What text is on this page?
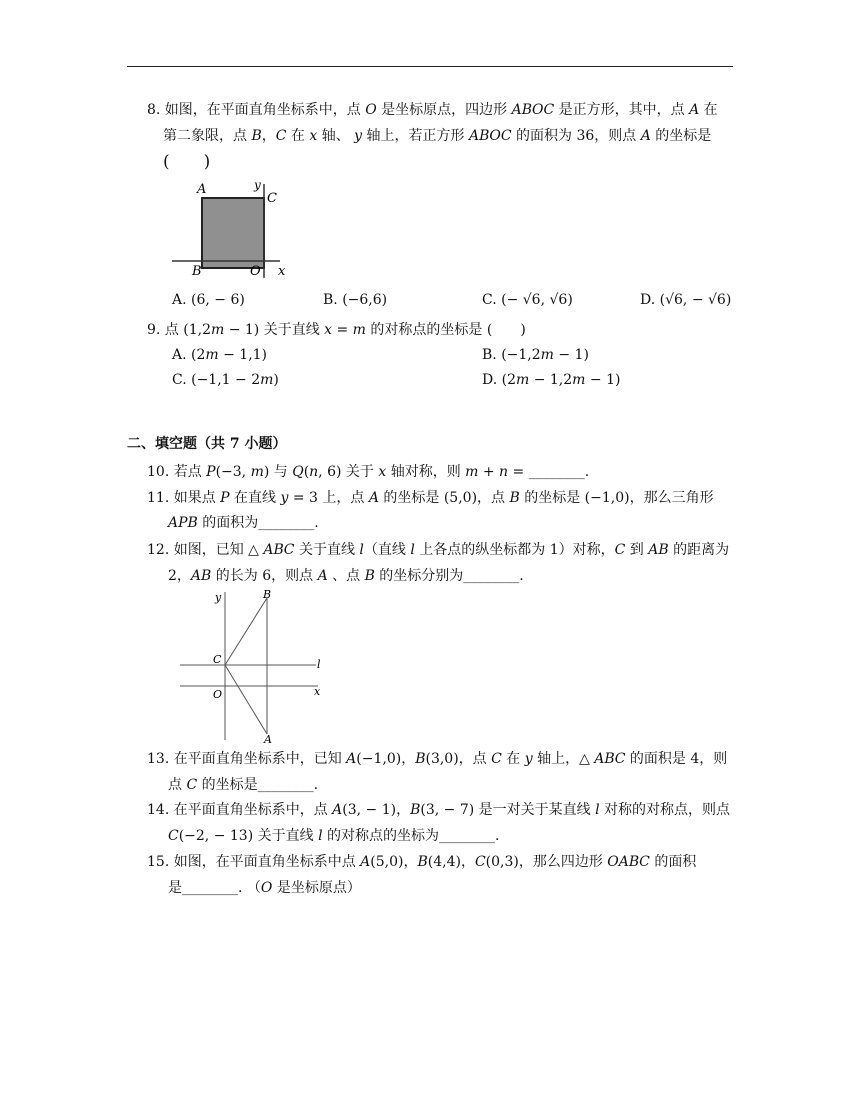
8. 如图，在平面直角坐标系中，点 𝑂 是坐标原点，四边形 𝐴𝐵𝑂𝐶 是正方形，其中，点 𝐴 在
第二象限，点 𝐵，𝐶 在 𝑥 轴、 𝑦 轴上，若正方形 𝐴𝐵𝑂𝐶 的面积为 36，则点 𝐴 的坐标是
(　　)
A	y
C
B	O x
A. (6, − 6)	B. (−6,6)	C. (− √6, √6)	D. (√6, − √6)
9. 点 (1,2𝑚 − 1) 关于直线 𝑥 = 𝑚 的对称点的坐标是 (　　)
A. (2𝑚 − 1,1)	B. (−1,2𝑚 − 1)
C. (−1,1 − 2𝑚)	D. (2𝑚 − 1,2𝑚 − 1)
二、填空题（共 7 小题）
10. 若点 𝑃(−3, 𝑚) 与 𝑄(𝑛, 6) 关于 𝑥 轴对称，则 𝑚 + 𝑛 = ________.
11. 如果点 𝑃 在直线 𝑦 = 3 上，点 𝐴 的坐标是 (5,0)，点 𝐵 的坐标是 (−1,0)，那么三角形
𝐴𝑃𝐵 的面积为________.
12. 如图，已知 △ 𝐴𝐵𝐶 关于直线 𝑙（直线 𝑙 上各点的纵坐标都为 1）对称，𝐶 到 𝐴𝐵 的距离为
2，𝐴𝐵 的长为 6，则点 𝐴 、点 𝐵 的坐标分别为________.
y	B
C	l
O	x
A
13. 在平面直角坐标系中，已知 𝐴(−1,0)，𝐵(3,0)，点 𝐶 在 𝑦 轴上，△ 𝐴𝐵𝐶 的面积是 4，则
点 𝐶 的坐标是________.
14. 在平面直角坐标系中，点 𝐴(3, − 1)，𝐵(3, − 7) 是一对关于某直线 𝑙 对称的对称点，则点
𝐶(−2, − 13) 关于直线 𝑙 的对称点的坐标为________.
15. 如图，在平面直角坐标系中点 𝐴(5,0)，𝐵(4,4)，𝐶(0,3)，那么四边形 𝑂𝐴𝐵𝐶 的面积
是________. （𝑂 是坐标原点）
